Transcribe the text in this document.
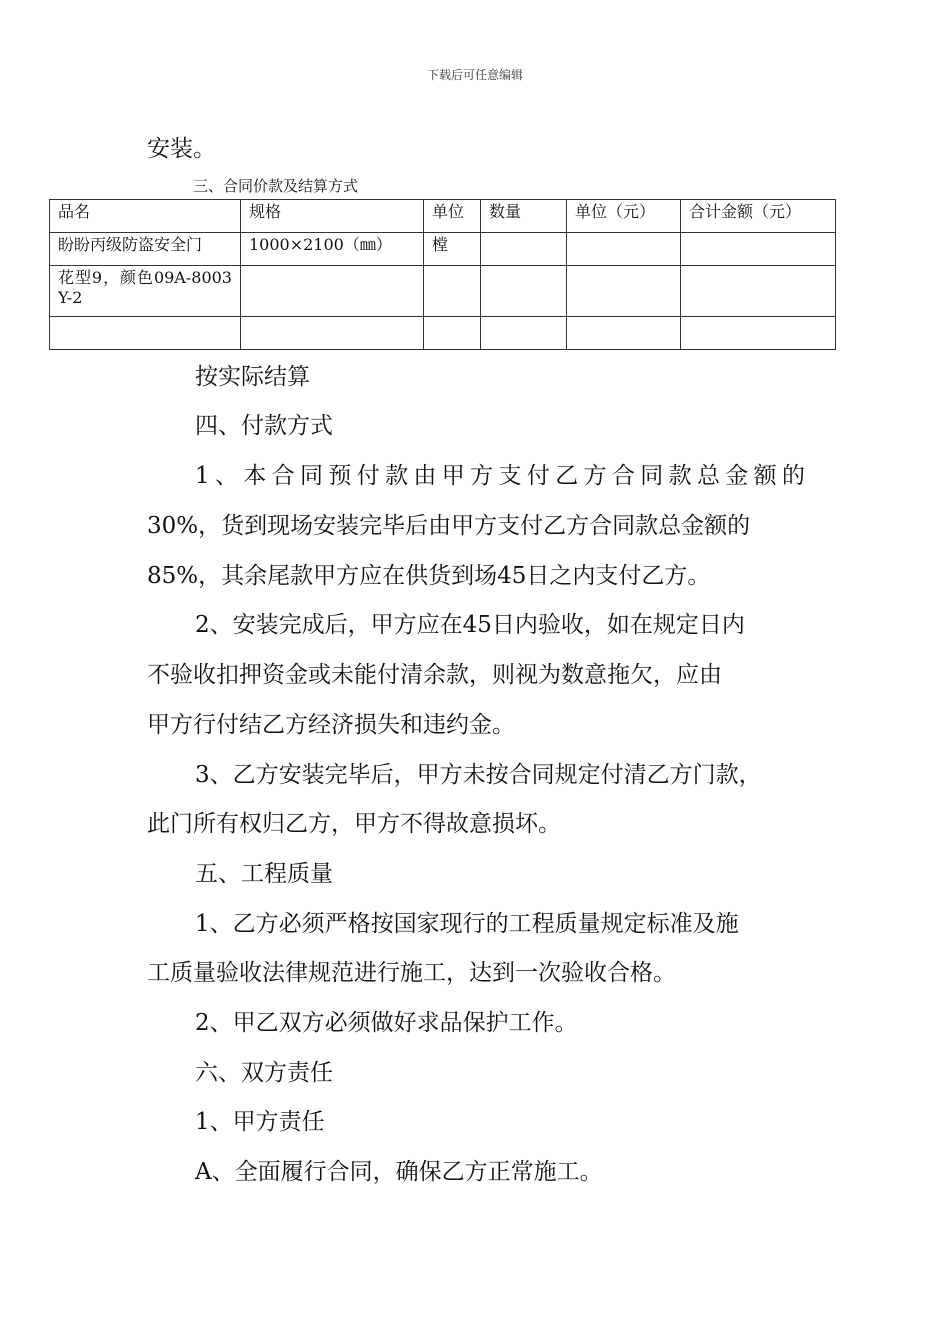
下载后可任意编辑
安装。
三、合同价款及结算方式
品名	规格	单位	数量	单位（元）	合计金额（元）
盼盼丙级防盗安全门	1000×2100（㎜）	樘			
花型9，颜色09A-8003Y-2					

按实际结算
四、付款方式
1、本合同预付款由甲方支付乙方合同款总金额的
30%，货到现场安装完毕后由甲方支付乙方合同款总金额的
85%，其余尾款甲方应在供货到场45日之内支付乙方。
2、安装完成后，甲方应在45日内验收，如在规定日内
不验收扣押资金或未能付清余款，则视为数意拖欠，应由
甲方行付结乙方经济损失和违约金。
3、乙方安装完毕后，甲方未按合同规定付清乙方门款，
此门所有权归乙方，甲方不得故意损坏。
五、工程质量
1、乙方必须严格按国家现行的工程质量规定标准及施
工质量验收法律规范进行施工，达到一次验收合格。
2、甲乙双方必须做好求品保护工作。
六、双方责任
1、甲方责任
A、全面履行合同，确保乙方正常施工。
